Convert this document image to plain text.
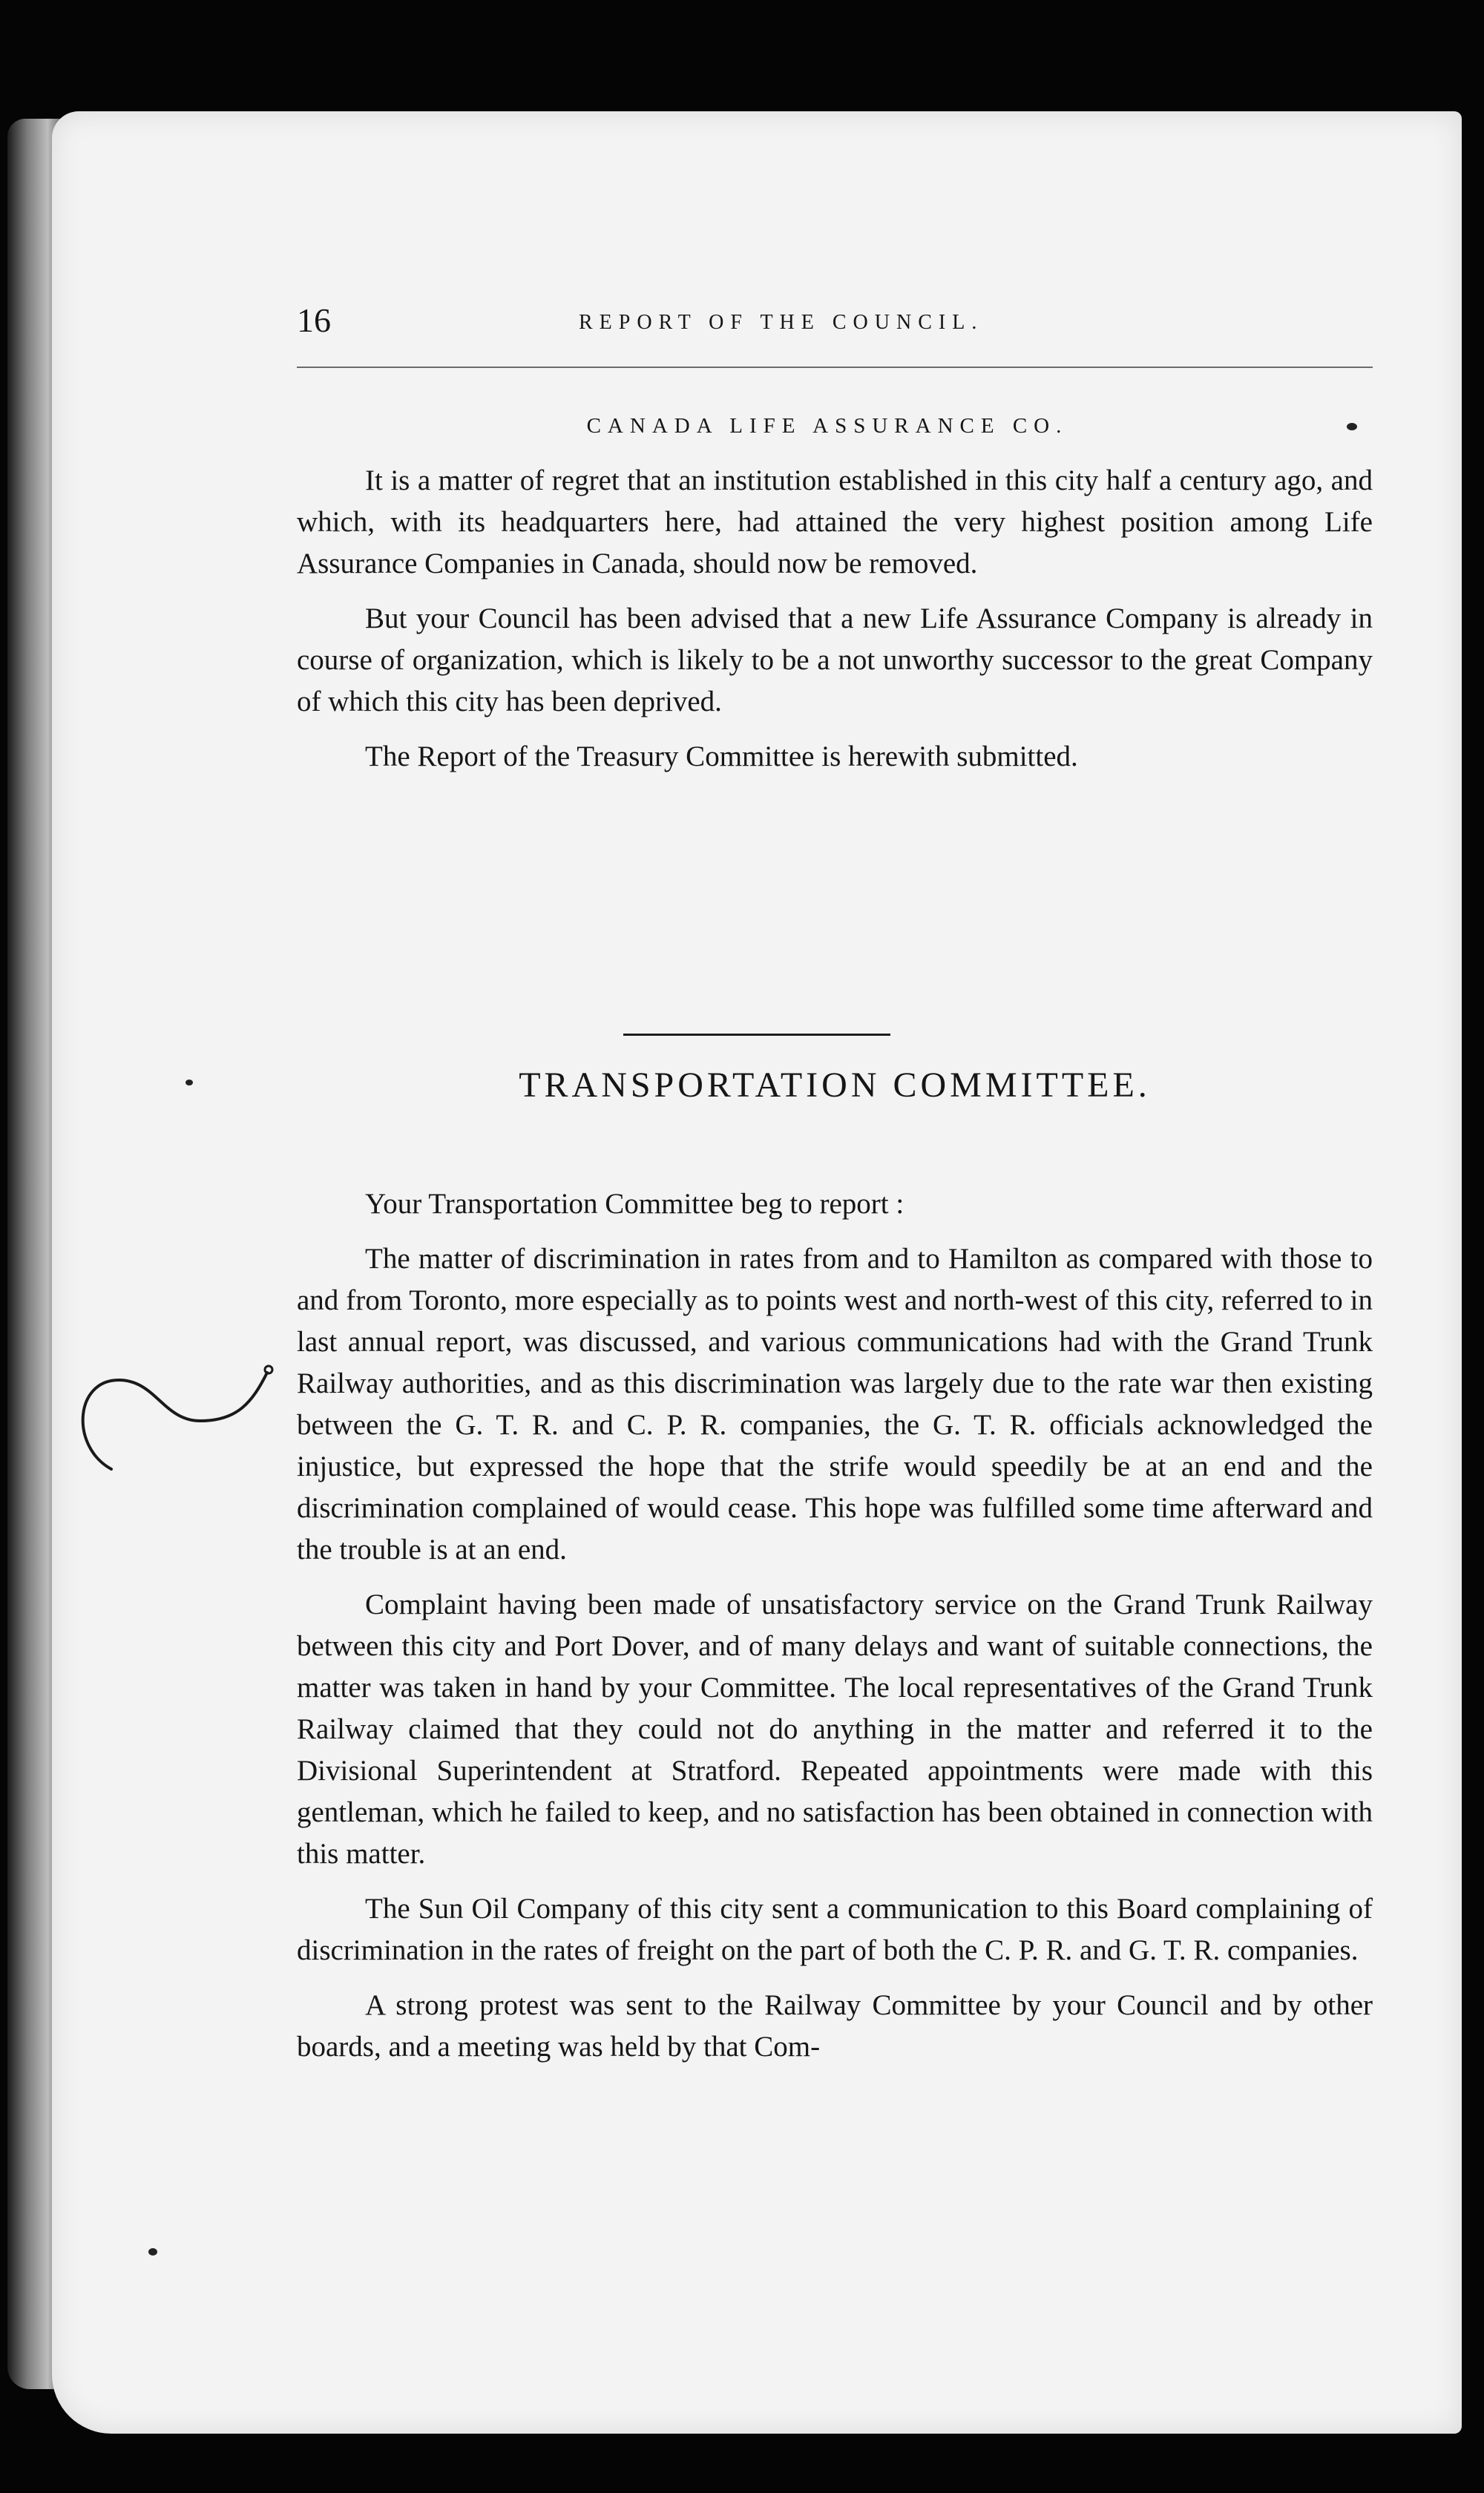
16	REPORT OF THE COUNCIL.
CANADA LIFE ASSURANCE CO.

It is a matter of regret that an institution established in this city half a century ago, and which, with its headquarters here, had attained the very highest position among Life Assurance Companies in Canada, should now be removed.

But your Council has been advised that a new Life Assurance Company is already in course of organization, which is likely to be a not unworthy successor to the great Company of which this city has been deprived.

The Report of the Treasury Committee is herewith submitted.

TRANSPORTATION COMMITTEE.

Your Transportation Committee beg to report :

The matter of discrimination in rates from and to Hamilton as compared with those to and from Toronto, more especially as to points west and north-west of this city, referred to in last annual report, was discussed, and various communications had with the Grand Trunk Railway authorities, and as this discrimination was largely due to the rate war then existing between the G. T. R. and C. P. R. companies, the G. T. R. officials acknowledged the injustice, but expressed the hope that the strife would speedily be at an end and the discrimination complained of would cease. This hope was fulfilled some time afterward and the trouble is at an end.

Complaint having been made of unsatisfactory service on the Grand Trunk Railway between this city and Port Dover, and of many delays and want of suitable connections, the matter was taken in hand by your Committee. The local representatives of the Grand Trunk Railway claimed that they could not do anything in the matter and referred it to the Divisional Superintendent at Stratford. Repeated appointments were made with this gentleman, which he failed to keep, and no satisfaction has been obtained in connection with this matter.

The Sun Oil Company of this city sent a communication to this Board complaining of discrimination in the rates of freight on the part of both the C. P. R. and G. T. R. companies.

A strong protest was sent to the Railway Committee by your Council and by other boards, and a meeting was held by that Com-
